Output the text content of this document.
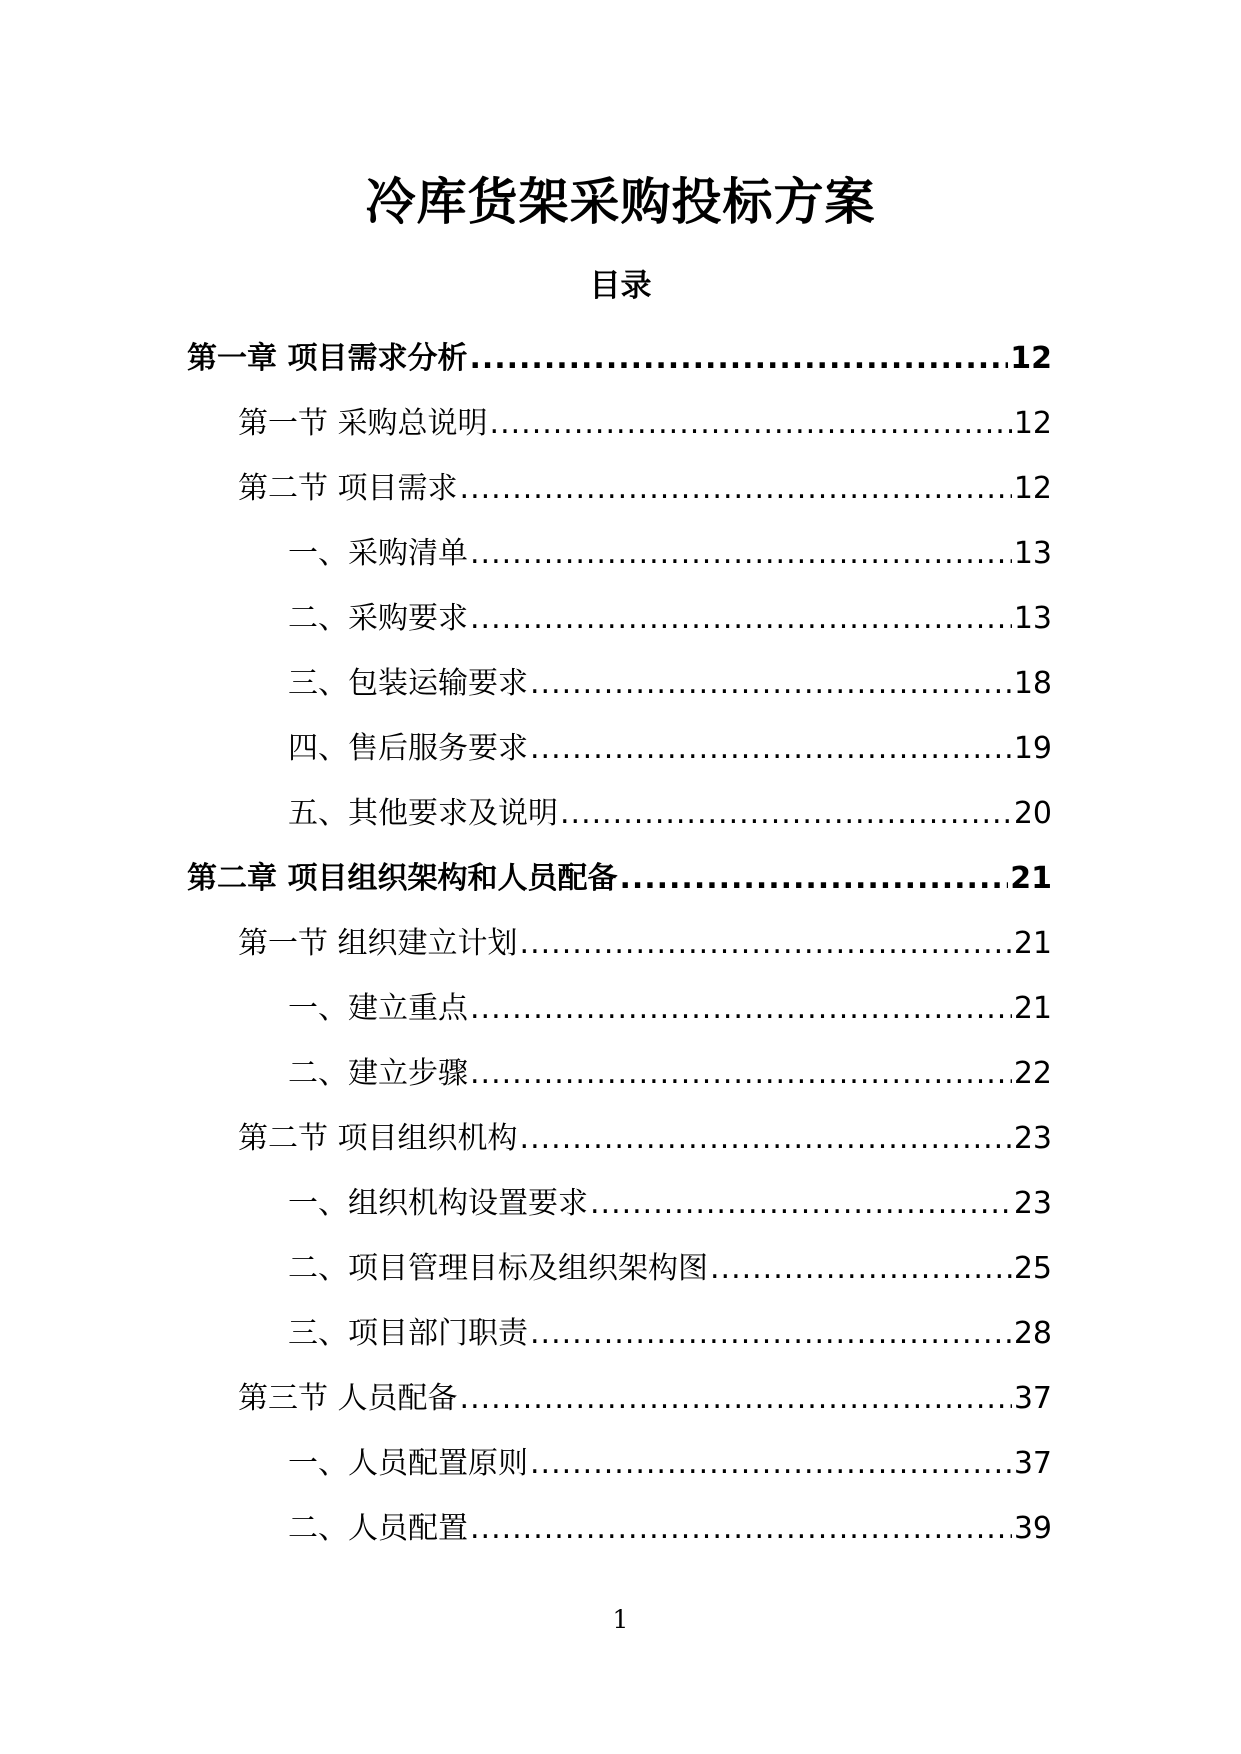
冷库货架采购投标方案
目录
第一章 项目需求分析 .....	12
第一节 采购总说明 .....	12
第二节 项目需求 .....	12
一、采购清单 .....	13
二、采购要求 .....	13
三、包装运输要求 .....	18
四、售后服务要求 .....	19
五、其他要求及说明 .....	20
第二章 项目组织架构和人员配备 .....	21
第一节 组织建立计划 .....	21
一、建立重点 .....	21
二、建立步骤 .....	22
第二节 项目组织机构 .....	23
一、组织机构设置要求 .....	23
二、项目管理目标及组织架构图 .....	25
三、项目部门职责 .....	28
第三节 人员配备 .....	37
一、人员配置原则 .....	37
二、人员配置 .....	39
1
